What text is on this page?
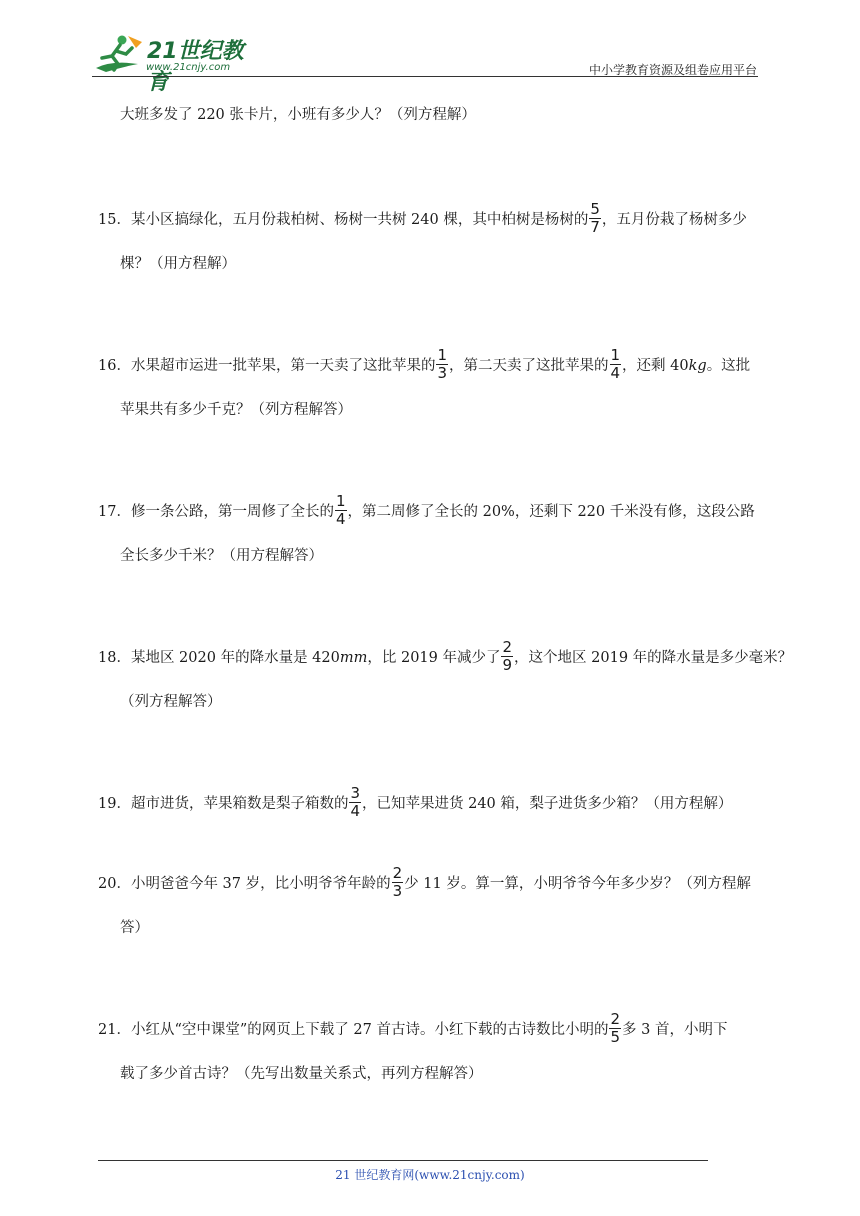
21世纪教育
www.21cnjy.com	中小学教育资源及组卷应用平台
大班多发了 220 张卡片，小班有多少人？（列方程解）
15．某小区搞绿化，五月份栽柏树、杨树一共树 240 棵，其中柏树是杨树的 $\frac{5}{7}$ ，五月份栽了杨树多少
棵？（用方程解）
16．水果超市运进一批苹果，第一天卖了这批苹果的 $\frac{1}{3}$ ，第二天卖了这批苹果的 $\frac{1}{4}$ ，还剩 40kg。这批
苹果共有多少千克？（列方程解答）
17．修一条公路，第一周修了全长的 $\frac{1}{4}$ ，第二周修了全长的 20%，还剩下 220 千米没有修，这段公路
全长多少千米？（用方程解答）
18．某地区 2020 年的降水量是 420mm，比 2019 年减少了 $\frac{2}{9}$ ，这个地区 2019 年的降水量是多少毫米？
（列方程解答）
19．超市进货，苹果箱数是梨子箱数的 $\frac{3}{4}$ ，已知苹果进货 240 箱，梨子进货多少箱？（用方程解）
20．小明爸爸今年 37 岁，比小明爷爷年龄的 $\frac{2}{3}$ 少 11 岁。算一算，小明爷爷今年多少岁？（列方程解
答）
21．小红从“空中课堂”的网页上下载了 27 首古诗。小红下载的古诗数比小明的 $\frac{2}{5}$ 多 3 首，小明下
载了多少首古诗？（先写出数量关系式，再列方程解答）
21 世纪教育网(www.21cnjy.com)
